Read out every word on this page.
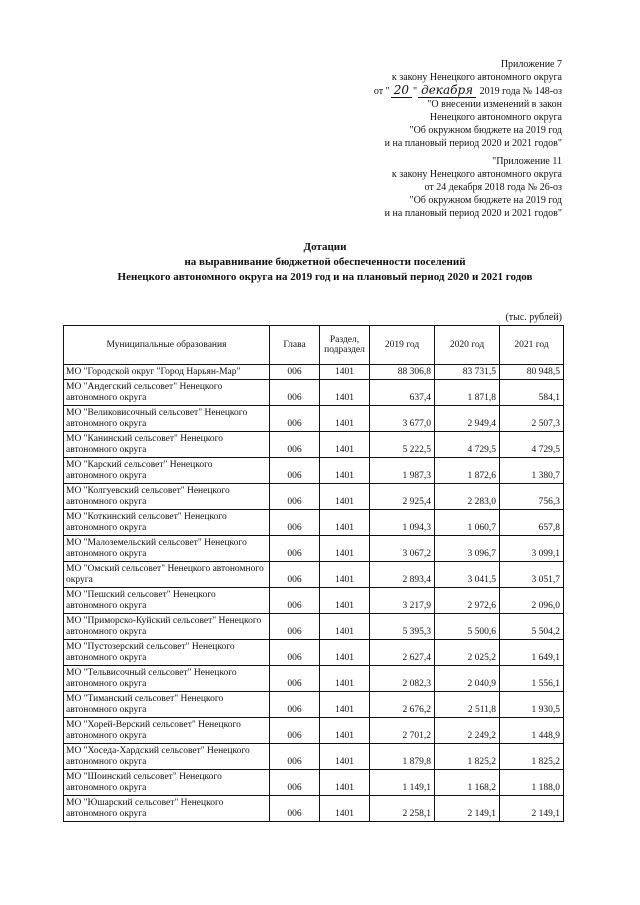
Приложение 7
к закону Ненецкого автономного округа
от " 20 " декабря 2019 года № 148-оз
"О внесении изменений в закон
Ненецкого автономного округа
"Об окружном бюджете на 2019 год
и на плановый период 2020 и 2021 годов"
"Приложение 11
к закону Ненецкого автономного округа
от 24 декабря 2018 года № 26-оз
"Об окружном бюджете на 2019 год
и на плановый период 2020 и 2021 годов"
Дотации
на выравнивание бюджетной обеспеченности поселений
Ненецкого автономного округа на 2019 год и на плановый период 2020 и 2021 годов
(тыс. рублей)
Муниципальные образования	Глава	Раздел, подраздел	2019 год	2020 год	2021 год
МО "Городской округ "Город Нарьян-Мар"	006	1401	88 306,8	83 731,5	80 948,5
МО "Андегский сельсовет" Ненецкого автономного округа	006	1401	637,4	1 871,8	584,1
МО "Великовисочный сельсовет" Ненецкого автономного округа	006	1401	3 677,0	2 949,4	2 507,3
МО "Канинский сельсовет" Ненецкого автономного округа	006	1401	5 222,5	4 729,5	4 729,5
МО "Карский сельсовет" Ненецкого автономного округа	006	1401	1 987,3	1 872,6	1 380,7
МО "Колгуевский сельсовет" Ненецкого автономного округа	006	1401	2 925,4	2 283,0	756,3
МО "Коткинский сельсовет" Ненецкого автономного округа	006	1401	1 094,3	1 060,7	657,8
МО "Малоземельский сельсовет" Ненецкого автономного округа	006	1401	3 067,2	3 096,7	3 099,1
МО "Омский сельсовет" Ненецкого автономного округа	006	1401	2 893,4	3 041,5	3 051,7
МО "Пешский сельсовет" Ненецкого автономного округа	006	1401	3 217,9	2 972,6	2 096,0
МО "Приморско-Куйский сельсовет" Ненецкого автономного округа	006	1401	5 395,3	5 500,6	5 504,2
МО "Пустозерский сельсовет" Ненецкого автономного округа	006	1401	2 627,4	2 025,2	1 649,1
МО "Тельвисочный сельсовет" Ненецкого автономного округа	006	1401	2 082,3	2 040,9	1 556,1
МО "Тиманский сельсовет" Ненецкого автономного округа	006	1401	2 676,2	2 511,8	1 930,5
МО "Хорей-Верский сельсовет" Ненецкого автономного округа	006	1401	2 701,2	2 249,2	1 448,9
МО "Хоседа-Хардский сельсовет" Ненецкого автономного округа	006	1401	1 879,8	1 825,2	1 825,2
МО "Шоинский сельсовет" Ненецкого автономного округа	006	1401	1 149,1	1 168,2	1 188,0
МО "Юшарский сельсовет" Ненецкого автономного округа	006	1401	2 258,1	2 149,1	2 149,1
